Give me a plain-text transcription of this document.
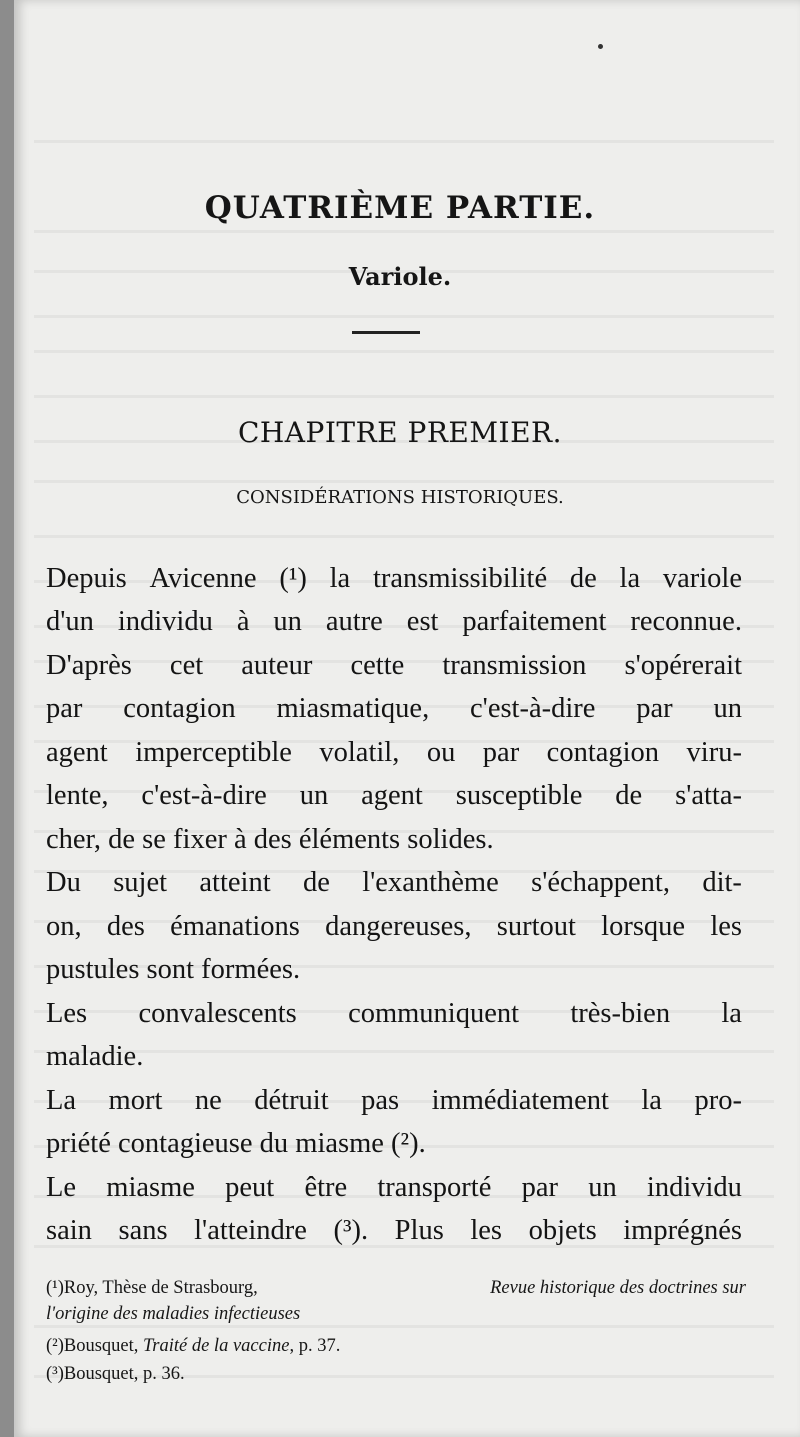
QUATRIÈME PARTIE.
Variole.
CHAPITRE PREMIER.
CONSIDÉRATIONS HISTORIQUES.
Depuis Avicenne (¹) la transmissibilité de la variole
d'un individu à un autre est parfaitement reconnue.
D'après cet auteur cette transmission s'opérerait
par contagion miasmatique, c'est-à-dire par un
agent imperceptible volatil, ou par contagion viru-
lente, c'est-à-dire un agent susceptible de s'atta-
cher, de se fixer à des éléments solides.
Du sujet atteint de l'exanthème s'échappent, dit-
on, des émanations dangereuses, surtout lorsque les
pustules sont formées.
Les convalescents communiquent très-bien la
maladie.
La mort ne détruit pas immédiatement la pro-
priété contagieuse du miasme (²).
Le miasme peut être transporté par un individu
sain sans l'atteindre (³). Plus les objets imprégnés
(¹)Roy, Thèse de Strasbourg,	Revue historique des doctrines sur
l'origine des maladies infectieuses
(²)Bousquet, Traité de la vaccine, p. 37.
(³)Bousquet, p. 36.
